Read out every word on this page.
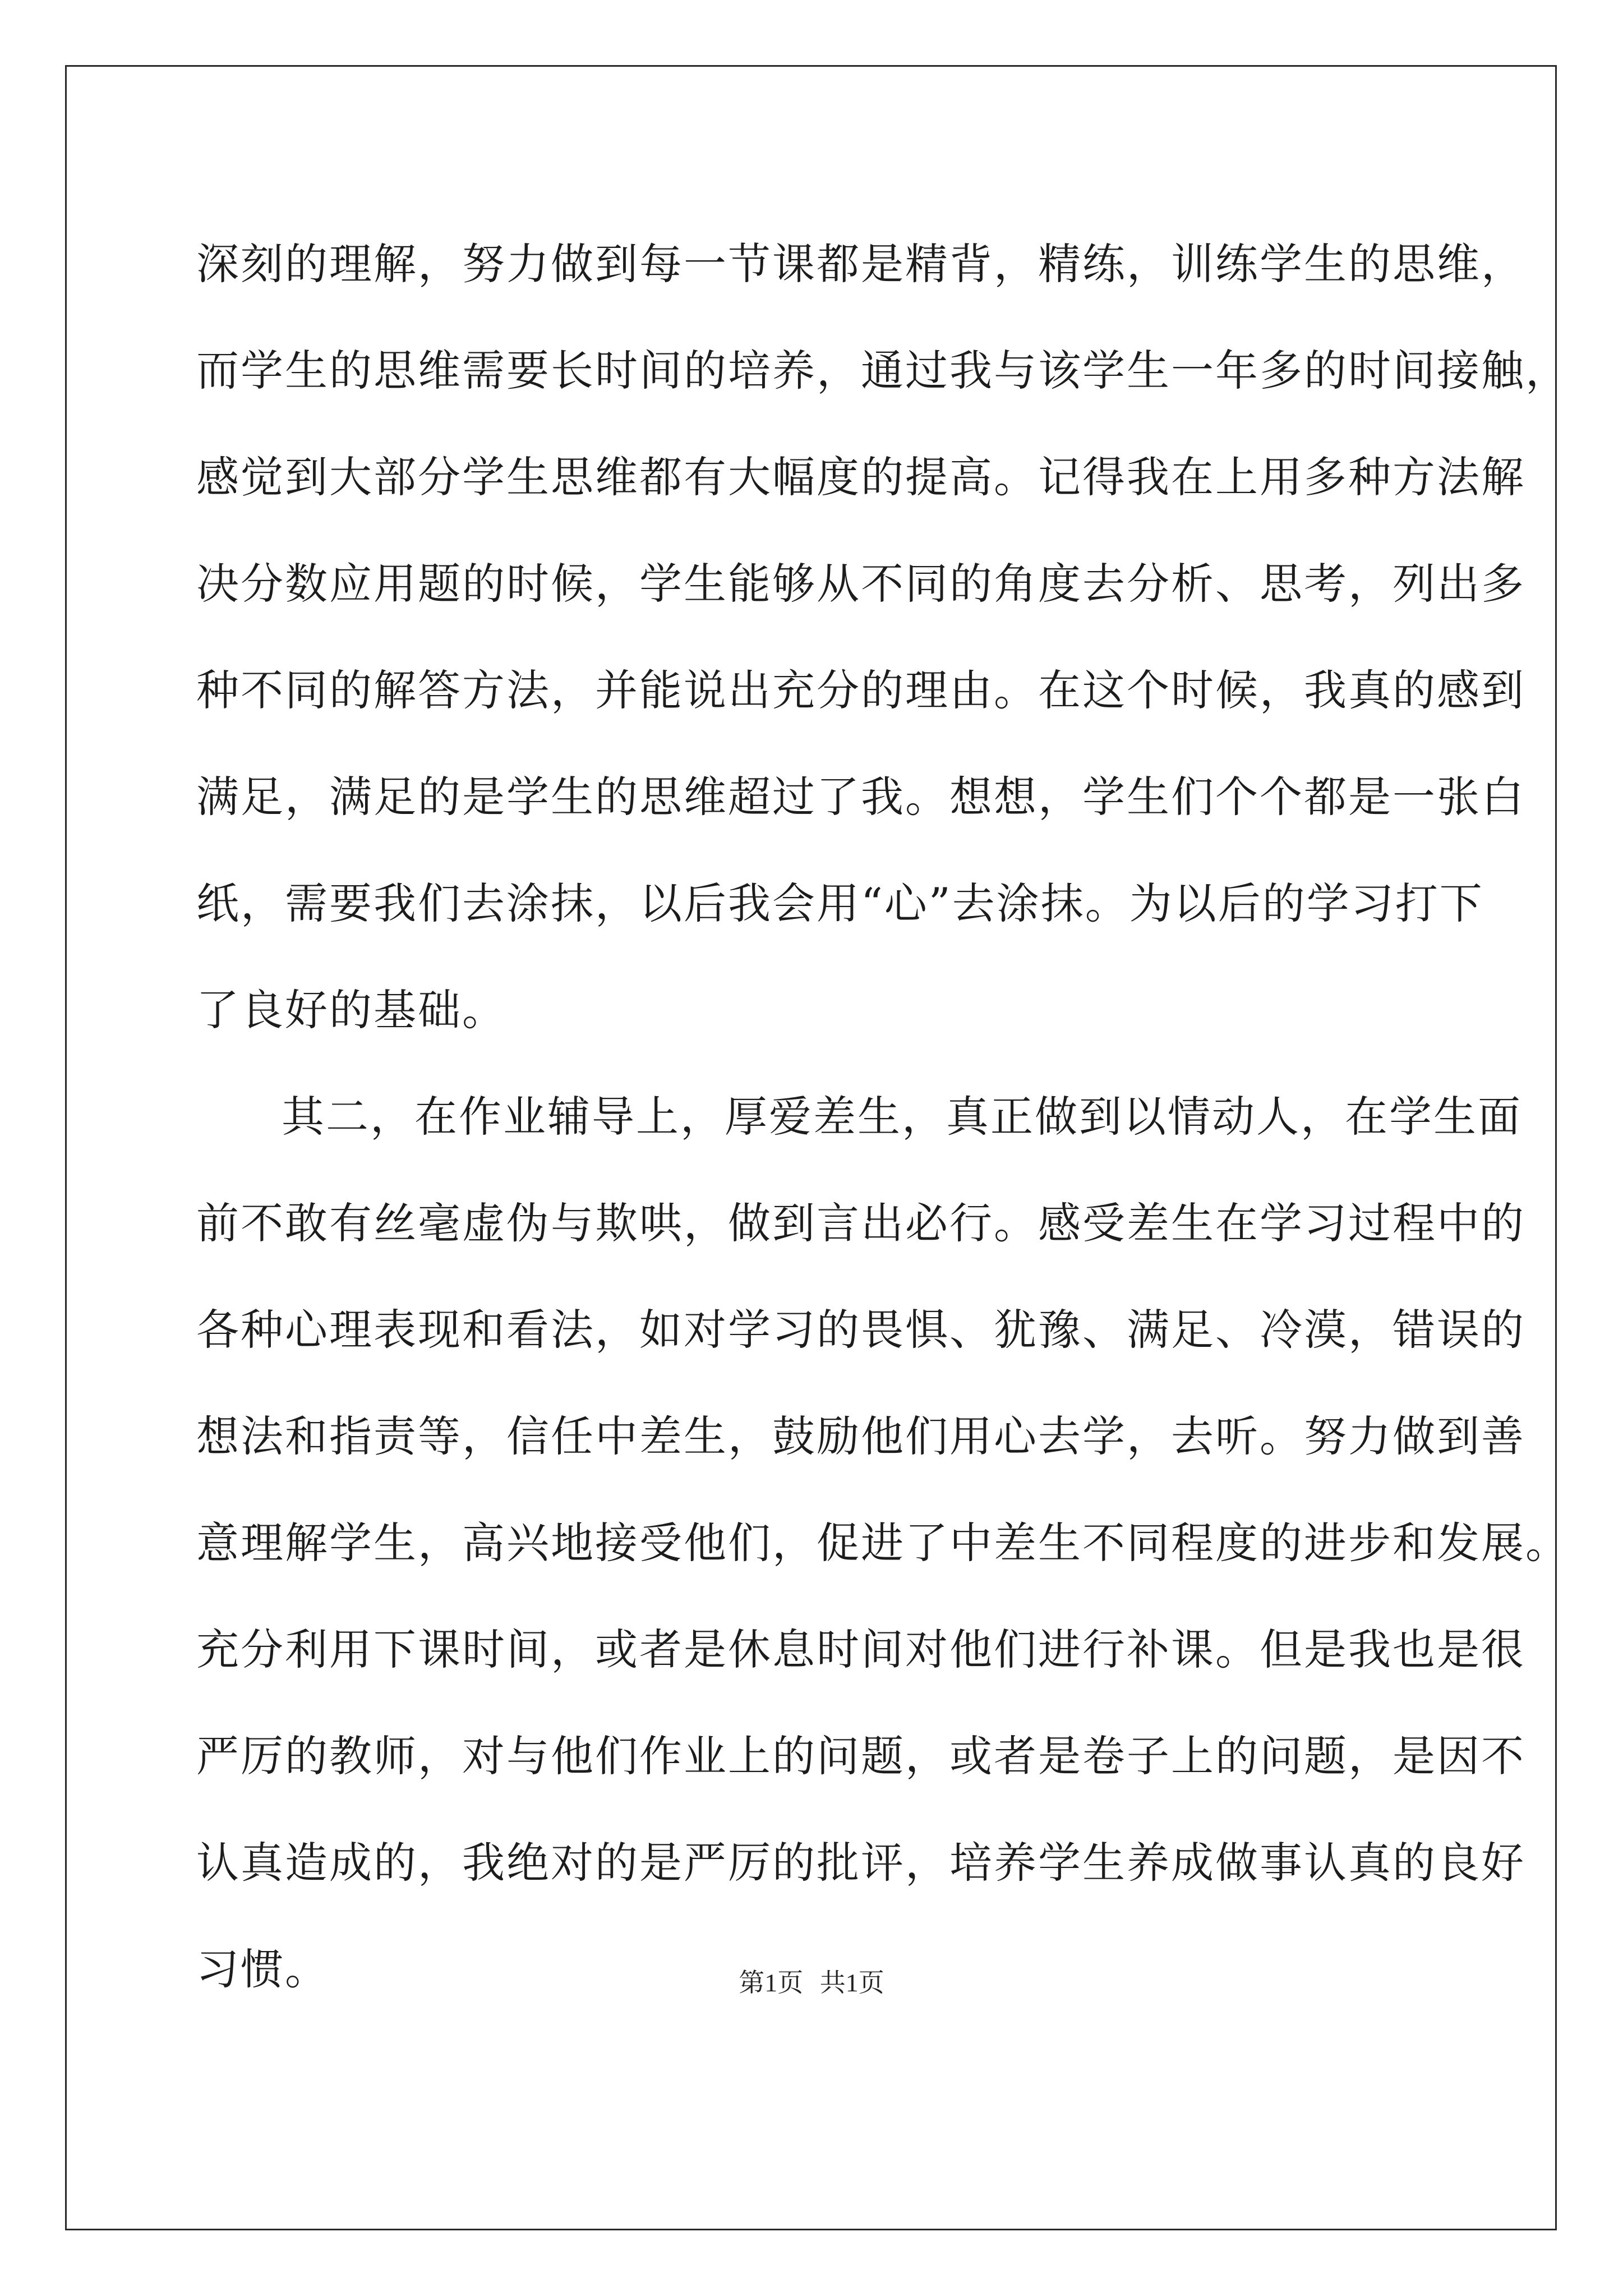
深刻的理解，努力做到每一节课都是精背，精练，训练学生的思维，
而学生的思维需要长时间的培养，通过我与该学生一年多的时间接触，
感觉到大部分学生思维都有大幅度的提高。记得我在上用多种方法解
决分数应用题的时候，学生能够从不同的角度去分析、思考，列出多
种不同的解答方法，并能说出充分的理由。在这个时候，我真的感到
满足，满足的是学生的思维超过了我。想想，学生们个个都是一张白
纸，需要我们去涂抹，以后我会用“心”去涂抹。为以后的学习打下
了良好的基础。
其二，在作业辅导上，厚爱差生，真正做到以情动人，在学生面
前不敢有丝毫虚伪与欺哄，做到言出必行。感受差生在学习过程中的
各种心理表现和看法，如对学习的畏惧、犹豫、满足、冷漠，错误的
想法和指责等，信任中差生，鼓励他们用心去学，去听。努力做到善
意理解学生，高兴地接受他们，促进了中差生不同程度的进步和发展。
充分利用下课时间，或者是休息时间对他们进行补课。但是我也是很
严厉的教师，对与他们作业上的问题，或者是卷子上的问题，是因不
认真造成的，我绝对的是严厉的批评，培养学生养成做事认真的良好
习惯。	第1页 共1页
